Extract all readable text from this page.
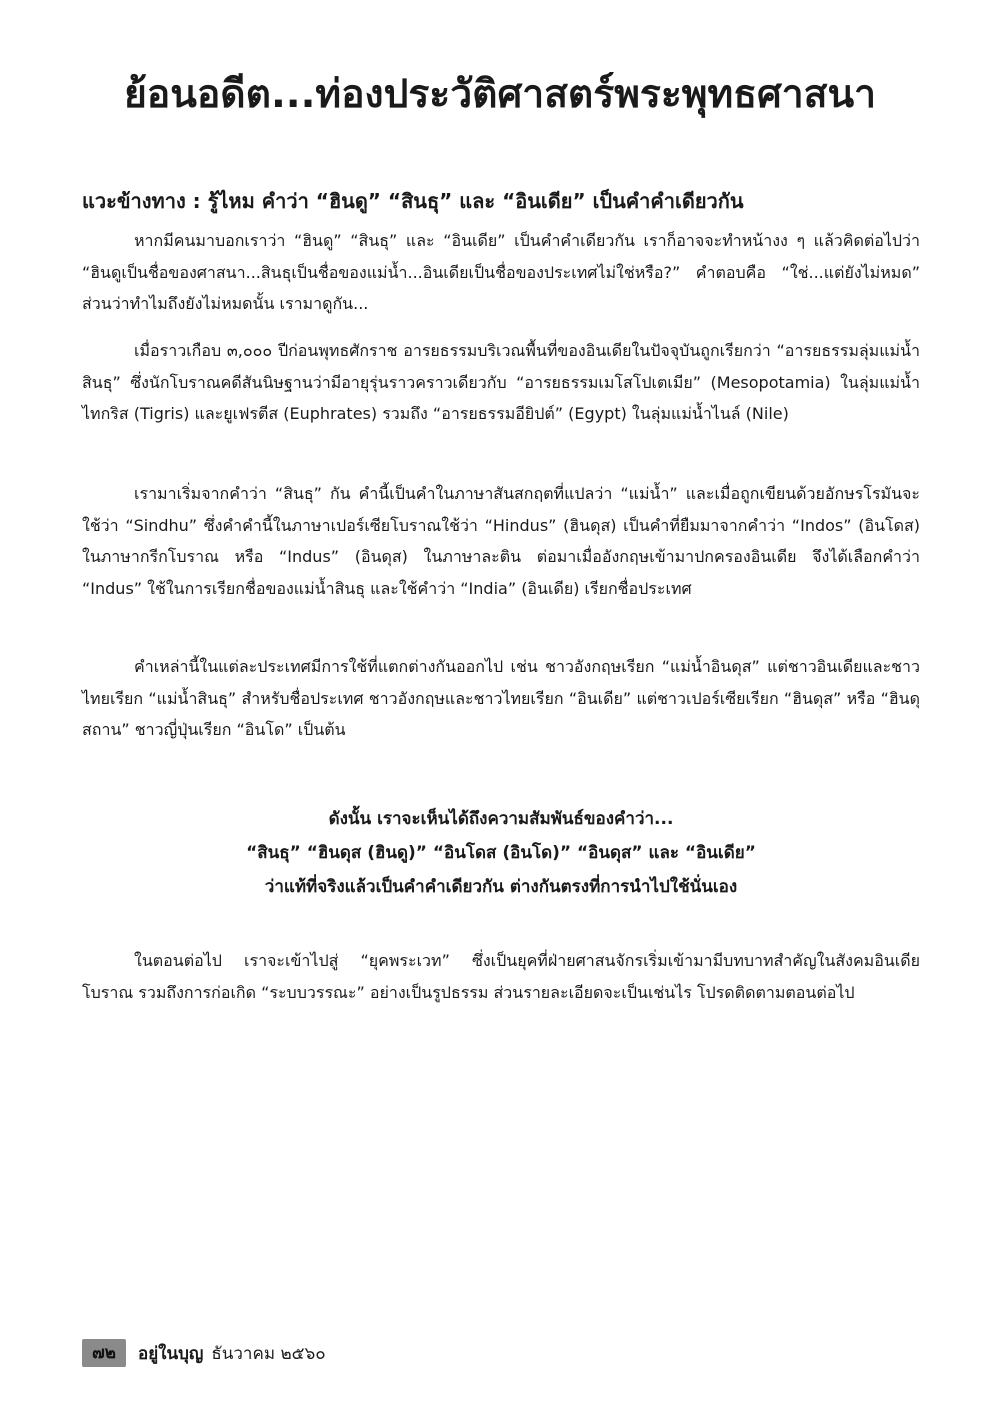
ย้อนอดีต...ท่องประวัติศาสตร์พระพุทธศาสนา
แวะข้างทาง : รู้ไหม คำว่า “ฮินดู” “สินธุ” และ “อินเดีย” เป็นคำคำเดียวกัน

หากมีคนมาบอกเราว่า “ฮินดู” “สินธุ” และ “อินเดีย” เป็นคำคำเดียวกัน เราก็อาจจะทำหน้างง ๆ แล้วคิดต่อไปว่า “ฮินดูเป็นชื่อของศาสนา...สินธุเป็นชื่อของแม่น้ำ...อินเดียเป็นชื่อของประเทศไม่ใช่หรือ?” คำตอบคือ “ใช่...แต่ยังไม่หมด” ส่วนว่าทำไมถึงยังไม่หมดนั้น เรามาดูกัน...

เมื่อราวเกือบ ๓,๐๐๐ ปีก่อนพุทธศักราช อารยธรรมบริเวณพื้นที่ของอินเดียในปัจจุบันถูกเรียกว่า “อารยธรรมลุ่มแม่น้ำสินธุ” ซึ่งนักโบราณคดีสันนิษฐานว่ามีอายุรุ่นราวคราวเดียวกับ “อารยธรรมเมโสโปเตเมีย” (Mesopotamia) ในลุ่มแม่น้ำไทกริส (Tigris) และยูเฟรตีส (Euphrates) รวมถึง “อารยธรรมอียิปต์” (Egypt) ในลุ่มแม่น้ำไนล์ (Nile)

เรามาเริ่มจากคำว่า “สินธุ” กัน คำนี้เป็นคำในภาษาสันสกฤตที่แปลว่า “แม่น้ำ” และเมื่อถูกเขียนด้วยอักษรโรมันจะใช้ว่า “Sindhu” ซึ่งคำคำนี้ในภาษาเปอร์เซียโบราณใช้ว่า “Hindus” (ฮินดุส) เป็นคำที่ยืมมาจากคำว่า “Indos” (อินโดส) ในภาษากรีกโบราณ หรือ “Indus” (อินดุส) ในภาษาละติน ต่อมาเมื่ออังกฤษเข้ามาปกครองอินเดีย จึงได้เลือกคำว่า “Indus” ใช้ในการเรียกชื่อของแม่น้ำสินธุ และใช้คำว่า “India” (อินเดีย) เรียกชื่อประเทศ

คำเหล่านี้ในแต่ละประเทศมีการใช้ที่แตกต่างกันออกไป เช่น ชาวอังกฤษเรียก “แม่น้ำอินดุส” แต่ชาวอินเดียและชาวไทยเรียก “แม่น้ำสินธุ” สำหรับชื่อประเทศ ชาวอังกฤษและชาวไทยเรียก “อินเดีย” แต่ชาวเปอร์เซียเรียก “ฮินดุส” หรือ “ฮินดุสถาน” ชาวญี่ปุ่นเรียก “อินโด” เป็นต้น

ดังนั้น เราจะเห็นได้ถึงความสัมพันธ์ของคำว่า...
“สินธุ” “ฮินดุส (ฮินดู)” “อินโดส (อินโด)” “อินดุส” และ “อินเดีย”
ว่าแท้ที่จริงแล้วเป็นคำคำเดียวกัน ต่างกันตรงที่การนำไปใช้นั่นเอง

ในตอนต่อไป เราจะเข้าไปสู่ “ยุคพระเวท” ซึ่งเป็นยุคที่ฝ่ายศาสนจักรเริ่มเข้ามามีบทบาทสำคัญในสังคมอินเดียโบราณ รวมถึงการก่อเกิด “ระบบวรรณะ” อย่างเป็นรูปธรรม ส่วนรายละเอียดจะเป็นเช่นไร โปรดติดตามตอนต่อไป

๗๒	อยู่ในบุญ ธันวาคม ๒๕๖๐
